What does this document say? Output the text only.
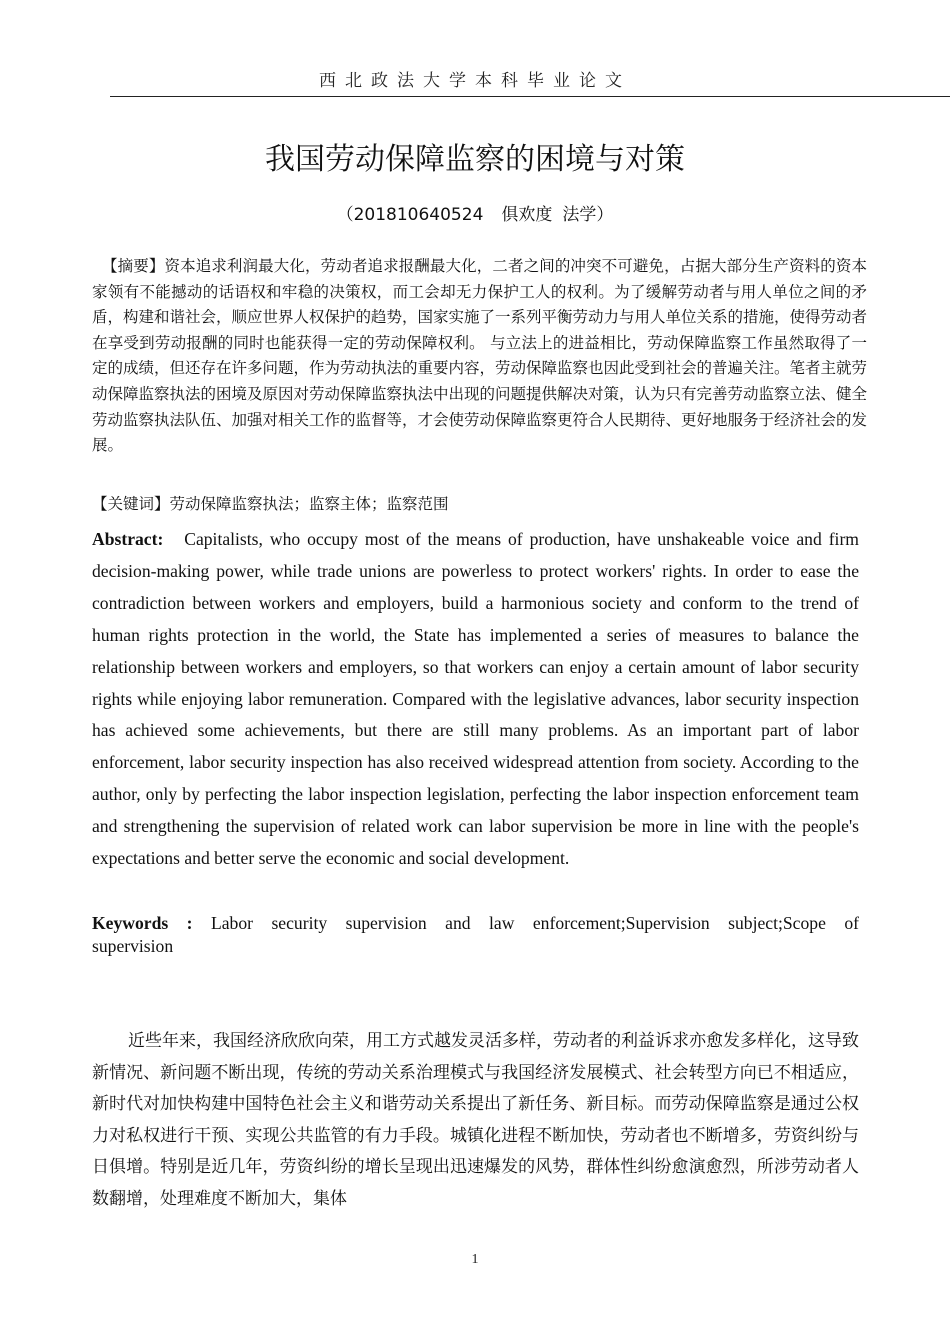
西北政法大学本科毕业论文
我国劳动保障监察的困境与对策
（201810640524 俱欢度 法学）
【摘要】资本追求利润最大化，劳动者追求报酬最大化，二者之间的冲突不可避免，占据大部分生产资料的资本家领有不能撼动的话语权和牢稳的决策权，而工会却无力保护工人的权利。为了缓解劳动者与用人单位之间的矛盾，构建和谐社会，顺应世界人权保护的趋势，国家实施了一系列平衡劳动力与用人单位关系的措施，使得劳动者在享受到劳动报酬的同时也能获得一定的劳动保障权利。 与立法上的进益相比，劳动保障监察工作虽然取得了一定的成绩，但还存在许多问题，作为劳动执法的重要内容，劳动保障监察也因此受到社会的普遍关注。笔者主就劳动保障监察执法的困境及原因对劳动保障监察执法中出现的问题提供解决对策，认为只有完善劳动监察立法、健全劳动监察执法队伍、加强对相关工作的监督等，才会使劳动保障监察更符合人民期待、更好地服务于经济社会的发展。
【关键词】劳动保障监察执法；监察主体；监察范围
Abstract: Capitalists, who occupy most of the means of production, have unshakeable voice and firm decision-making power, while trade unions are powerless to protect workers' rights. In order to ease the contradiction between workers and employers, build a harmonious society and conform to the trend of human rights protection in the world, the State has implemented a series of measures to balance the relationship between workers and employers, so that workers can enjoy a certain amount of labor security rights while enjoying labor remuneration. Compared with the legislative advances, labor security inspection has achieved some achievements, but there are still many problems. As an important part of labor enforcement, labor security inspection has also received widespread attention from society. According to the author, only by perfecting the labor inspection legislation, perfecting the labor inspection enforcement team and strengthening the supervision of related work can labor supervision be more in line with the people's expectations and better serve the economic and social development.
Keywords : Labor security supervision and law enforcement;Supervision subject;Scope of supervision
近些年来，我国经济欣欣向荣，用工方式越发灵活多样，劳动者的利益诉求亦愈发多样化，这导致新情况、新问题不断出现，传统的劳动关系治理模式与我国经济发展模式、社会转型方向已不相适应，新时代对加快构建中国特色社会主义和谐劳动关系提出了新任务、新目标。而劳动保障监察是通过公权力对私权进行干预、实现公共监管的有力手段。城镇化进程不断加快，劳动者也不断增多，劳资纠纷与日俱增。特别是近几年，劳资纠纷的增长呈现出迅速爆发的风势，群体性纠纷愈演愈烈，所涉劳动者人数翻增，处理难度不断加大，集体
1
